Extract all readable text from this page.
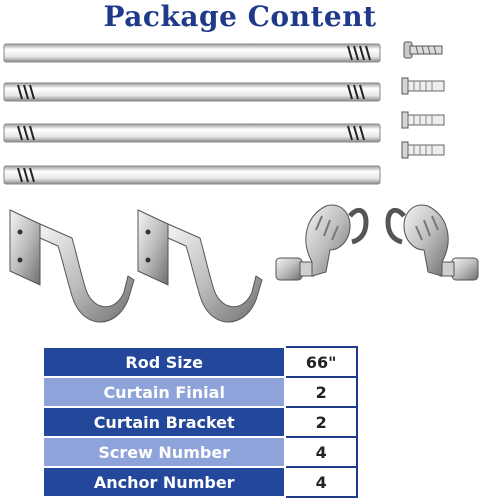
Package Content
Rod Size	66"
Curtain Finial	2
Curtain Bracket	2
Screw Number	4
Anchor Number	4
